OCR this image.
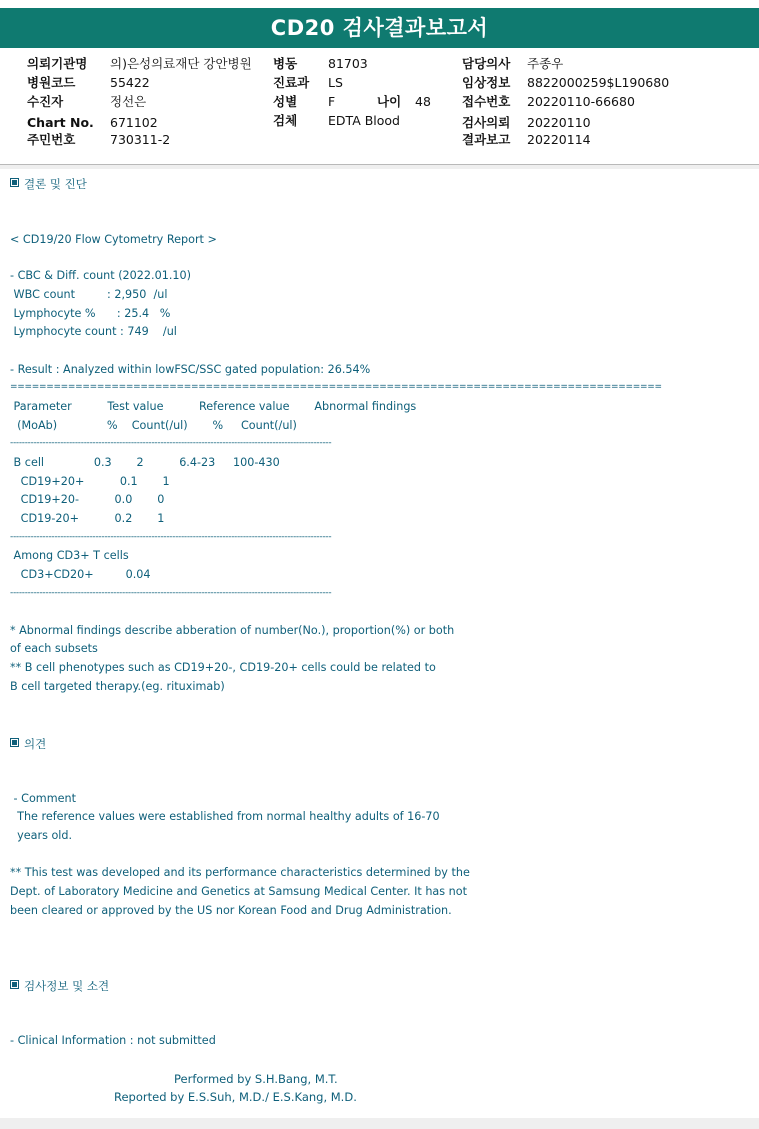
CD20 검사결과보고서
의뢰기관명 의)은성의료재단 강안병원
병원코드	55422
수진자	정선은
Chart No. 671102
주민번호	730311-2
병동 81703
진료과 LS
성별 F	나이 48
검체 EDTA Blood
담당의사 주종우
임상정보 8822000259$L190680
접수번호 20220110-66680
검사의뢰 20220110
결과보고 20220114
결론 및 진단
< CD19/20 Flow Cytometry Report >
- CBC & Diff. count (2022.01.10)
WBC count         : 2,950  /ul
Lymphocyte %      : 25.4   %
Lymphocyte count : 749    /ul
- Result : Analyzed within lowFSC/SSC gated population: 26.54%
==========================================================================================
Parameter          Test value          Reference value       Abnormal findings
(MoAb)              %    Count(/ul)       %     Count(/ul)
-------------------------------------------------------------------------------------------------------------
B cell              0.3       2          6.4-23     100-430
CD19+20+          0.1       1
CD19+20-          0.0       0
CD19-20+          0.2       1
-------------------------------------------------------------------------------------------------------------
Among CD3+ T cells
CD3+CD20+         0.04
-------------------------------------------------------------------------------------------------------------
* Abnormal findings describe abberation of number(No.), proportion(%) or both
of each subsets
** B cell phenotypes such as CD19+20-, CD19-20+ cells could be related to
B cell targeted therapy.(eg. rituximab)
의견
- Comment
The reference values were established from normal healthy adults of 16-70
years old.
** This test was developed and its performance characteristics determined by the
Dept. of Laboratory Medicine and Genetics at Samsung Medical Center. It has not
been cleared or approved by the US nor Korean Food and Drug Administration.
검사정보 및 소견
- Clinical Information : not submitted
Performed by S.H.Bang, M.T.
Reported by E.S.Suh, M.D./ E.S.Kang, M.D.
